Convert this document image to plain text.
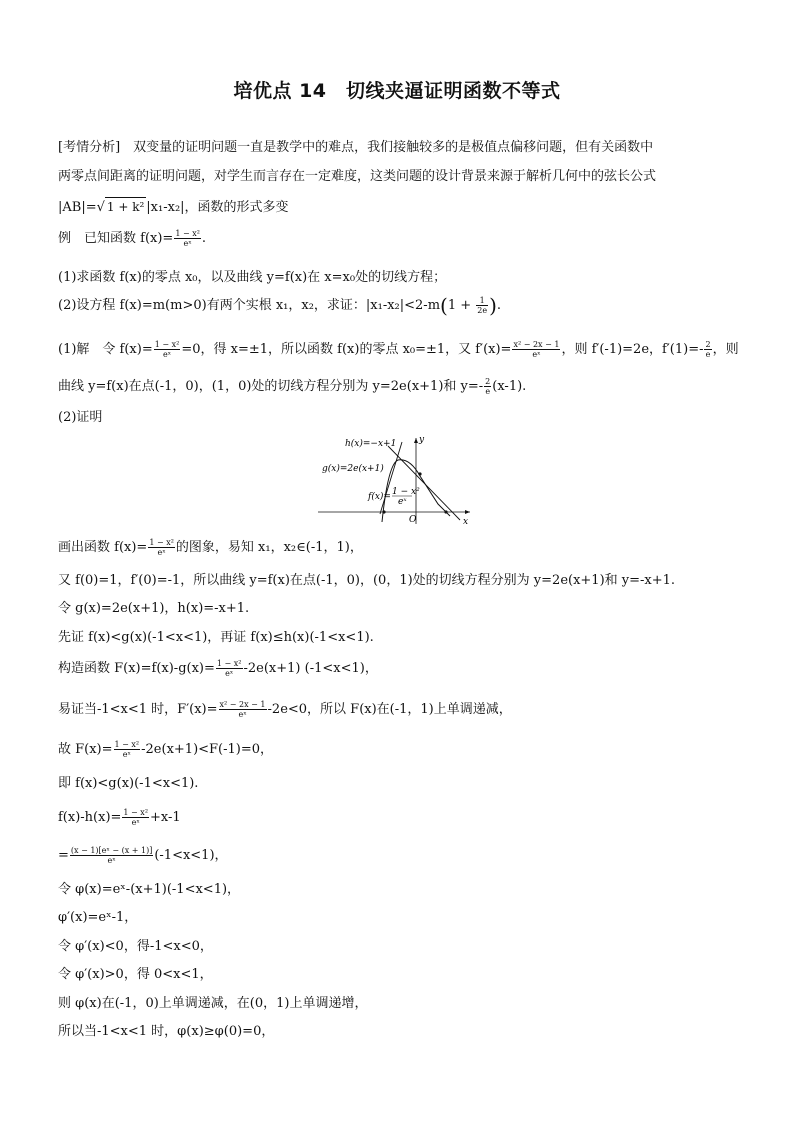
培优点 14　切线夹逼证明函数不等式
[考情分析]　双变量的证明问题一直是教学中的难点，我们接触较多的是极值点偏移问题，但有关函数中
两零点间距离的证明问题，对学生而言存在一定难度，这类问题的设计背景来源于解析几何中的弦长公式
|AB|=√ 1 + k² |x₁-x₂|，函数的形式多变
例　已知函数 $f(x)= \frac{\text{1 − x²}}{\text{eˣ}}$ .
(1)求函数 f(x)的零点 x₀，以及曲线 y=f(x)在 x=x₀处的切线方程；
(2)设方程 f(x)=m(m>0)有两个实根 x₁，x₂，求证：$|x_1-x_2|<2-m(1 + \frac{1}{2e}$ ).
(1)解　令 $f(x)= \frac{\text{1 − x²}}{\text{eˣ}} =0$，得 x=±1，所以函数 f(x)的零点 x₀=±1，又 $f'(x)= \frac{\text{x² − 2x − 1}}{\text{eˣ}}$ ，则 f′(-1)=2e，$f'(1)=- \frac{2}{e}$ ，则
曲线 y=f(x)在点(-1，0)，(1，0)处的切线方程分别为 y=2e(x+1)和 $y=- \frac{2}{e} (x-1)$.
(2)证明
h(x)=−x+1
g(x)=2e(x+1)
f(x)= 1 − x²
eˣ
y
x
O
画出函数 $f(x)= \frac{\text{1 − x²}}{\text{eˣ}}$ 的图象，易知 x₁，x₂∈(-1，1)，
又 f(0)=1，f′(0)=-1，所以曲线 y=f(x)在点(-1，0)，(0，1)处的切线方程分别为 y=2e(x+1)和 y=-x+1.
令 g(x)=2e(x+1)，h(x)=-x+1.
先证 f(x)<g(x)(-1<x<1)，再证 f(x)≤h(x)(-1<x<1).
构造函数 $F(x)=f(x)-g(x)= \frac{\text{1 − x²}}{\text{eˣ}} -2e(x+1)$ (-1<x<1)，
易证当-1<x<1 时，$F'(x)= \frac{\text{x² − 2x − 1}}{\text{eˣ}} -2e<0$，所以 F(x)在(-1，1)上单调递减，
故 $F(x)= \frac{\text{1 − x²}}{\text{eˣ}} -2e(x+1)<F(-1)=0$，
即 f(x)<g(x)(-1<x<1).
$f(x)-h(x)= \frac{\text{1 − x²}}{\text{eˣ}} +x-1$
= $\frac{\text{(x − 1)[eˣ − (x + 1)]}}{\text{eˣ}} (-1<x<1)$，
令 φ(x)=eˣ-(x+1)(-1<x<1)，
φ′(x)=eˣ-1，
令 φ′(x)<0，得-1<x<0，
令 φ′(x)>0，得 0<x<1，
则 φ(x)在(-1，0)上单调递减，在(0，1)上单调递增，
所以当-1<x<1 时，φ(x)≥φ(0)=0，
